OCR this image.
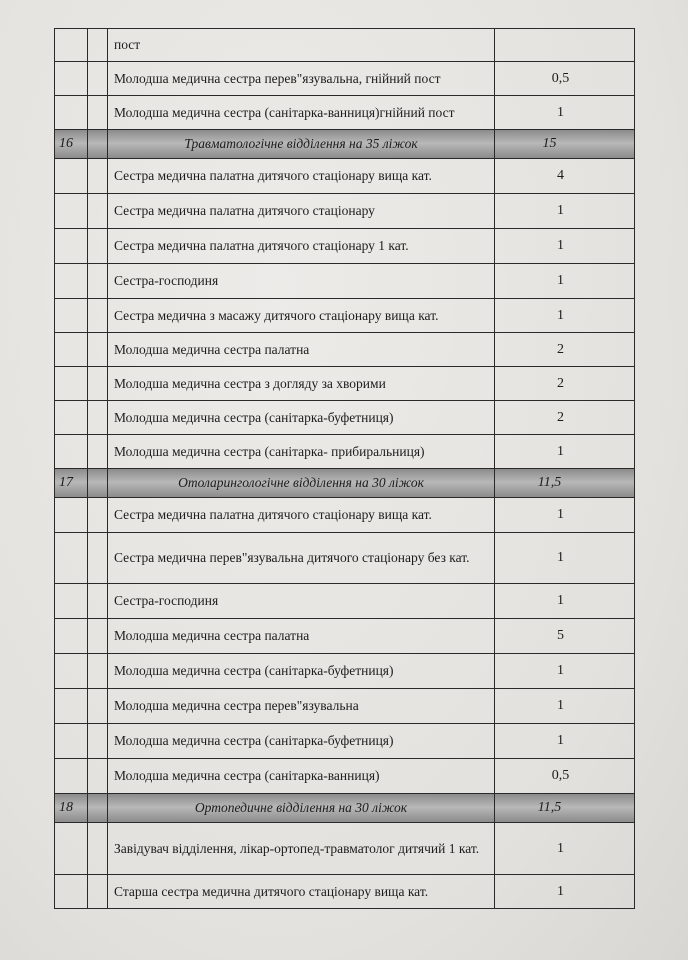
		пост	
		Молодша медична сестра перев"язувальна, гнійний пост	0,5
		Молодша медична сестра (санітарка-ванниця)гнійний пост	1
16		Травматологічне відділення на 35 ліжок	15
		Сестра медична палатна дитячого стаціонару вища кат.	4
		Сестра медична палатна дитячого стаціонару	1
		Сестра медична палатна дитячого стаціонару 1 кат.	1
		Сестра-господиня	1
		Сестра медична з масажу дитячого стаціонару вища кат.	1
		Молодша медична сестра палатна	2
		Молодша медична сестра з догляду за хворими	2
		Молодша медична сестра (санітарка-буфетниця)	2
		Молодша медична сестра (санітарка- прибиральниця)	1
17		Отоларингологічне відділення на 30 ліжок	11,5
		Сестра медична палатна дитячого стаціонару вища кат.	1
		Сестра медична перев"язувальна дитячого стаціонару без кат.	1
		Сестра-господиня	1
		Молодша медична сестра палатна	5
		Молодша медична сестра (санітарка-буфетниця)	1
		Молодша медична сестра перев"язувальна	1
		Молодша медична сестра (санітарка-буфетниця)	1
		Молодша медична сестра (санітарка-ванниця)	0,5
18		Ортопедичне відділення на 30 ліжок	11,5
		Завідувач відділення, лікар-ортопед-травматолог дитячий 1 кат.	1
		Старша сестра медична дитячого стаціонару вища кат.	1
